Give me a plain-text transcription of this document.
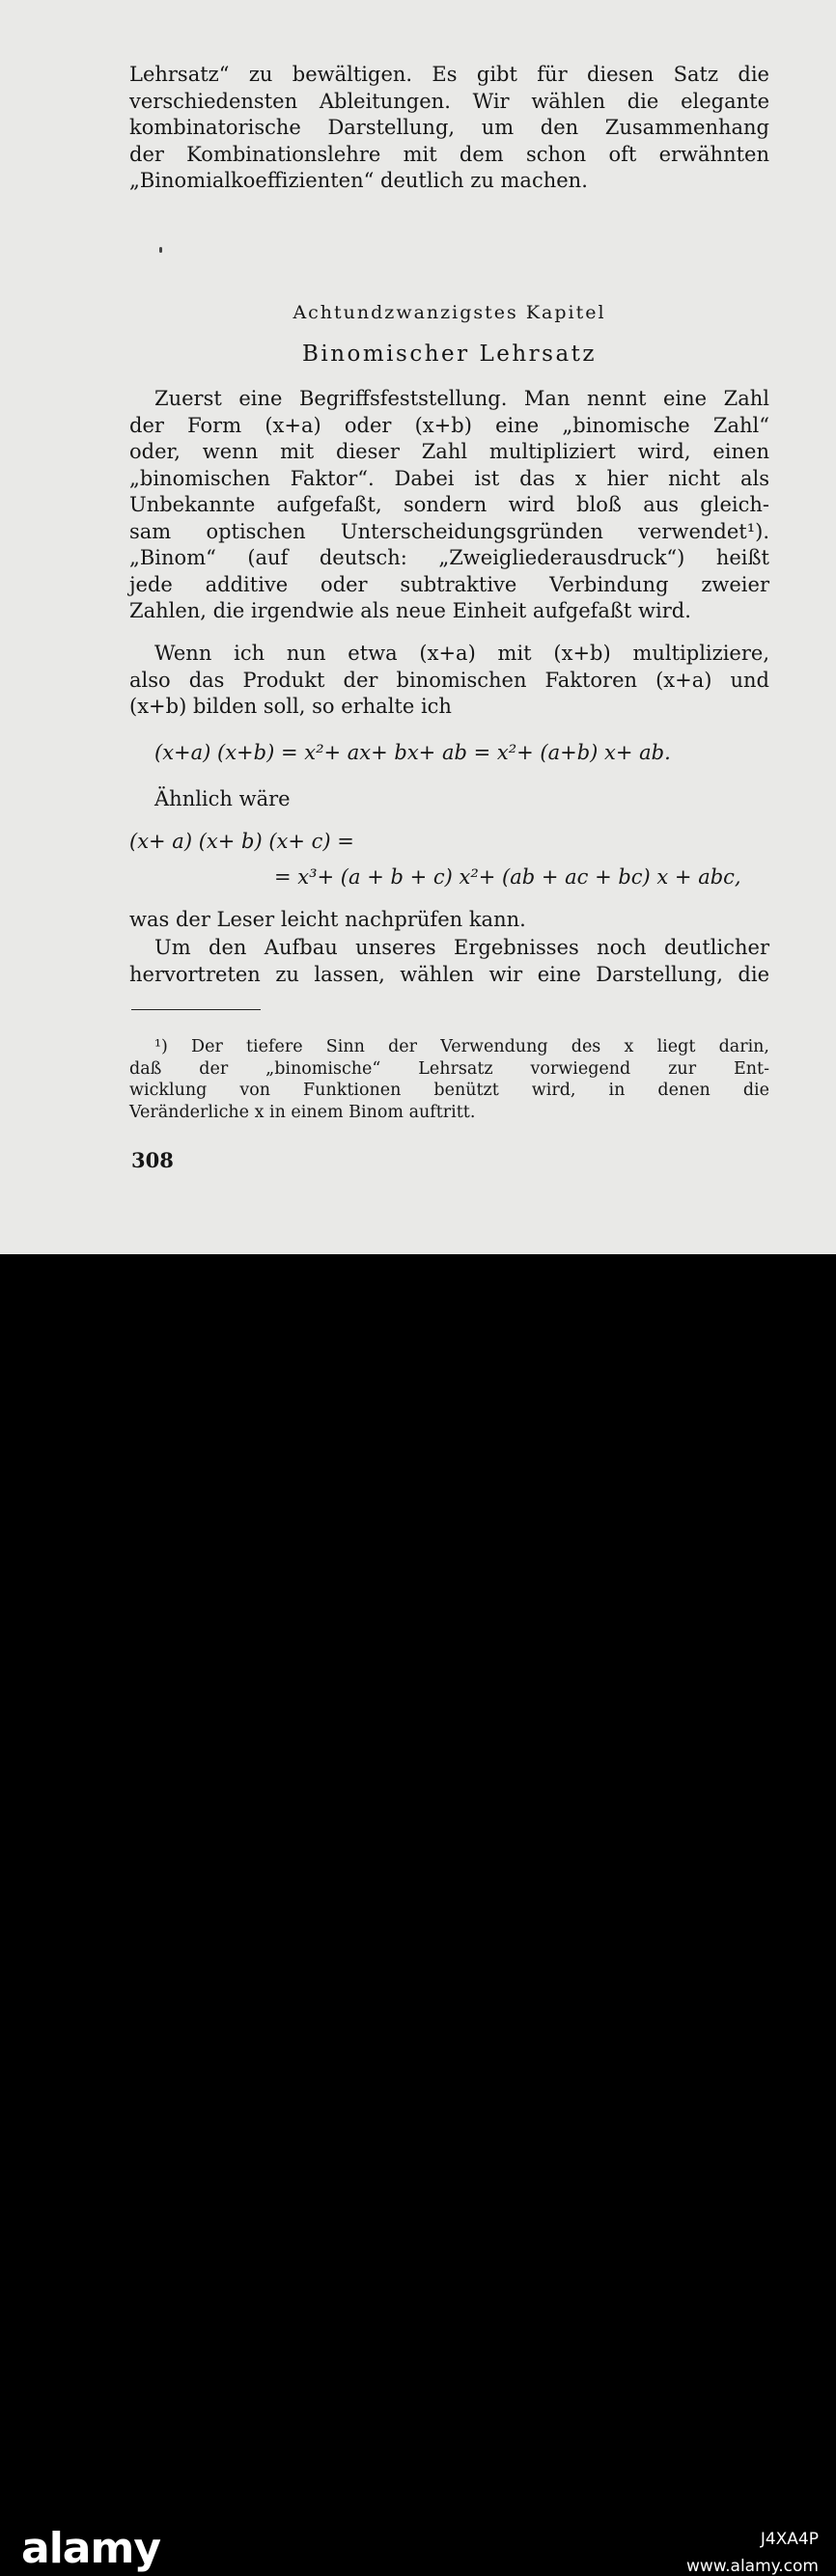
Lehrsatz“ zu bewältigen. Es gibt für diesen Satz die
verschiedensten Ableitungen. Wir wählen die elegante
kombinatorische Darstellung, um den Zusammenhang
der Kombinationslehre mit dem schon oft erwähnten
„Binomialkoeffizienten“ deutlich zu machen.
Achtundzwanzigstes Kapitel
Binomischer Lehrsatz
Zuerst eine Begriffsfeststellung. Man nennt eine Zahl
der Form (x+a) oder (x+b) eine „binomische Zahl“
oder, wenn mit dieser Zahl multipliziert wird, einen
„binomischen Faktor“. Dabei ist das x hier nicht als
Unbekannte aufgefaßt, sondern wird bloß aus gleich-
sam optischen Unterscheidungsgründen verwendet¹).
„Binom“ (auf deutsch: „Zweigliederausdruck“) heißt
jede additive oder subtraktive Verbindung zweier
Zahlen, die irgendwie als neue Einheit aufgefaßt wird.
Wenn ich nun etwa (x+a) mit (x+b) multipliziere,
also das Produkt der binomischen Faktoren (x+a) und
(x+b) bilden soll, so erhalte ich
(x+a) (x+b) = x²+ ax+ bx+ ab = x²+ (a+b) x+ ab.
Ähnlich wäre
(x+ a) (x+ b) (x+ c) =
= x³+ (a + b + c) x²+ (ab + ac + bc) x + abc,
was der Leser leicht nachprüfen kann.
Um den Aufbau unseres Ergebnisses noch deutlicher
hervortreten zu lassen, wählen wir eine Darstellung, die
¹) Der tiefere Sinn der Verwendung des x liegt darin,
daß der „binomische“ Lehrsatz vorwiegend zur Ent-
wicklung von Funktionen benützt wird, in denen die
Veränderliche x in einem Binom auftritt.
308
alamy	J4XA4P
www.alamy.com
